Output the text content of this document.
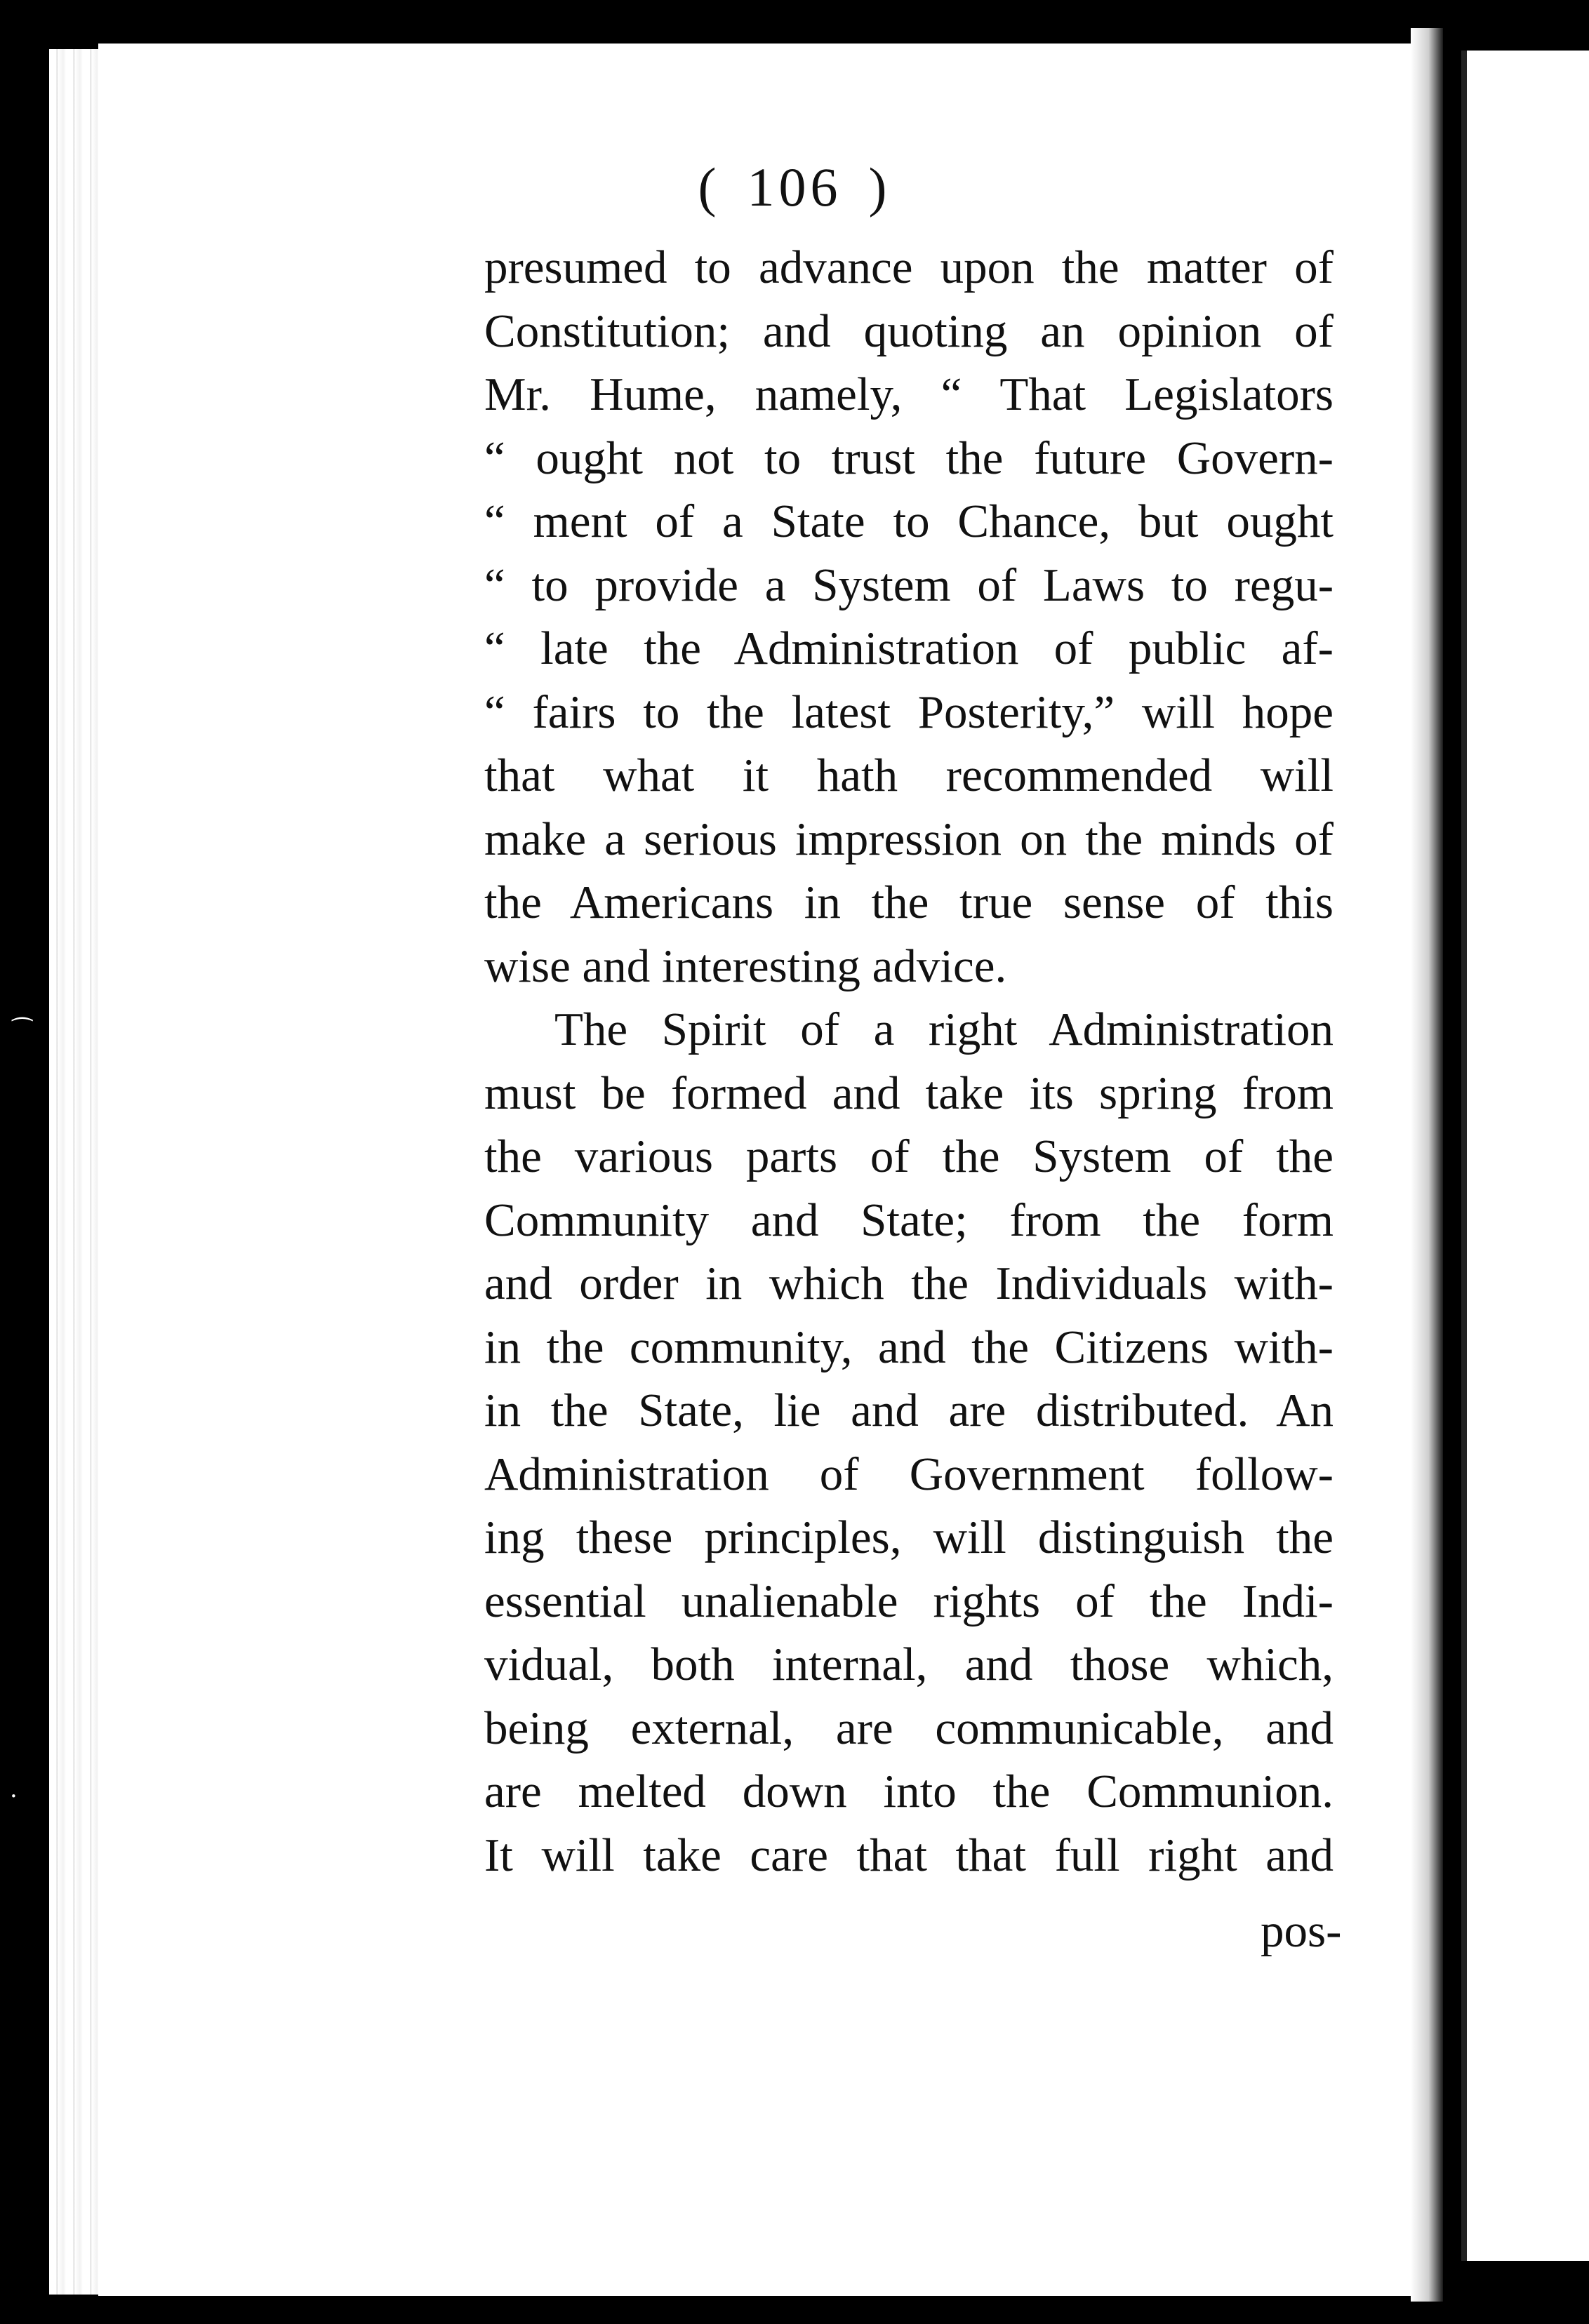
⁀
·
( 106 )
presumed to advance upon the matter of
Constitution; and quoting an opinion of
Mr. Hume, namely, “ That Legislators
“ ought not to trust the future Govern-
“ ment of a State to Chance, but ought
“ to provide a System of Laws to regu-
“ late the Administration of public af-
“ fairs to the latest Posterity,” will hope
that what it hath recommended will
make a serious impression on the minds of
the Americans in the true sense of this
wise and interesting advice.
The Spirit of a right Administration
must be formed and take its spring from
the various parts of the System of the
Community and State; from the form
and order in which the Individuals with-
in the community, and the Citizens with-
in the State, lie and are distributed. An
Administration of Government follow-
ing these principles, will distinguish the
essential unalienable rights of the Indi-
vidual, both internal, and those which,
being external, are communicable, and
are melted down into the Communion.
It will take care that that full right and
pos-
